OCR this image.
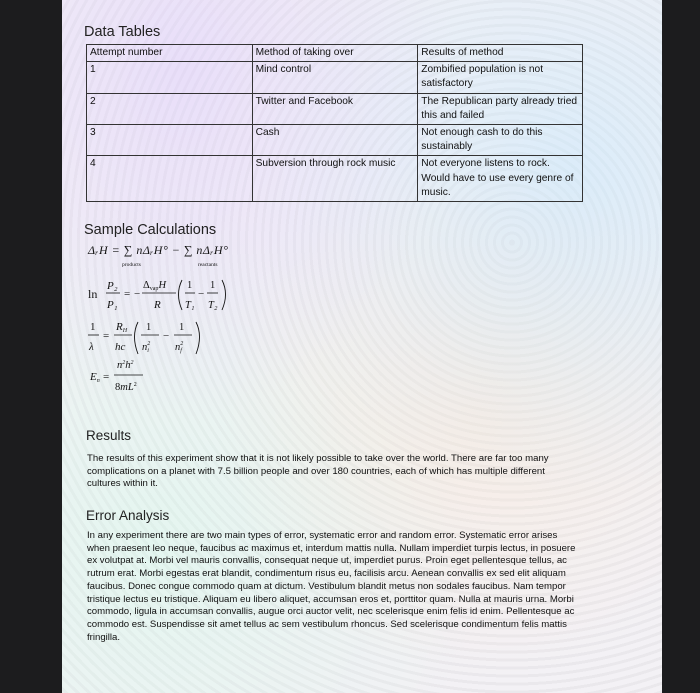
Data Tables
Attempt number	Method of taking over	Results of method
1	Mind control	Zombified population is not satisfactory
2	Twitter and Facebook	The Republican party already tried this and failed
3	Cash	Not enough cash to do this sustainably
4	Subversion through rock music	Not everyone listens to rock. Would have to use every genre of music.
Sample Calculations
ΔᵣH = ∑ nΔᵣH° − ∑ nΔᵣH°
products	reactants
ln
P₂
P₁
= −
ΔvapH
R
1
T₁
−
1
T₂
1
λ
=
RH
hc
1
$n^2$ i
−
1
$n^2$ f
En =
$n^2h^2$
$8mL^2$
Results
The results of this experiment show that it is not likely possible to take over the world. There are far too many complications on a planet with 7.5 billion people and over 180 countries, each of which has multiple different cultures within it.
Error Analysis
In any experiment there are two main types of error, systematic error and random error. Systematic error arises when praesent leo neque, faucibus ac maximus et, interdum mattis nulla. Nullam imperdiet turpis lectus, in posuere ex volutpat at. Morbi vel mauris convallis, consequat neque ut, imperdiet purus. Proin eget pellentesque tellus, ac rutrum erat. Morbi egestas erat blandit, condimentum risus eu, facilisis arcu. Aenean convallis ex sed elit aliquam faucibus. Donec congue commodo quam at dictum. Vestibulum blandit metus non sodales faucibus. Nam tempor tristique lectus eu tristique. Aliquam eu libero aliquet, accumsan eros et, porttitor quam. Nulla at mauris urna. Morbi commodo, ligula in accumsan convallis, augue orci auctor velit, nec scelerisque enim felis id enim. Pellentesque ac commodo est. Suspendisse sit amet tellus ac sem vestibulum rhoncus. Sed scelerisque condimentum felis mattis fringilla.
